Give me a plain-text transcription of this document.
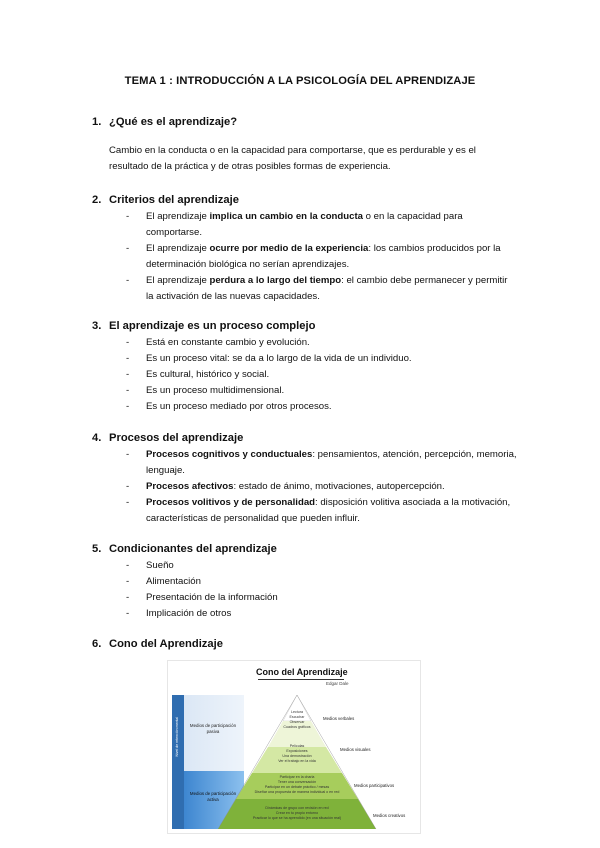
TEMA 1 : INTRODUCCIÓN A LA PSICOLOGÍA DEL APRENDIZAJE
1. ¿Qué es el aprendizaje?
Cambio en la conducta o en la capacidad para comportarse, que es perdurable y es el
resultado de la práctica y de otras posibles formas de experiencia.
2. Criterios del aprendizaje
- El aprendizaje implica un cambio en la conducta o en la capacidad para
comportarse.
- El aprendizaje ocurre por medio de la experiencia: los cambios producidos por la
determinación biológica no serían aprendizajes.
- El aprendizaje perdura a lo largo del tiempo: el cambio debe permanecer y permitir
la activación de las nuevas capacidades.
3. El aprendizaje es un proceso complejo
- Está en constante cambio y evolución.
- Es un proceso vital: se da a lo largo de la vida de un individuo.
- Es cultural, histórico y social.
- Es un proceso multidimensional.
- Es un proceso mediado por otros procesos.
4. Procesos del aprendizaje
- Procesos cognitivos y conductuales: pensamientos, atención, percepción, memoria,
lenguaje.
- Procesos afectivos: estado de ánimo, motivaciones, autopercepción.
- Procesos volitivos y de personalidad: disposición volitiva asociada a la motivación,
características de personalidad que pueden influir.
5. Condicionantes del aprendizaje
- Sueño
- Alimentación
- Presentación de la información
- Implicación de otros
6. Cono del Aprendizaje
Cono del Aprendizaje
Edgar Dale
Medios de participación pasiva
Medios de participación activa
Nivel de retención mental
Lectura
Escuchar
Observar
Cuadros gráficos
Películas
Exposiciones
Una demostración
Ver el trabajo en la vida
Participar en la charla
Tener una conversación
Participar en un debate práctico / mesas
Diseñar una propuesta de manera individual o en red
Dinámicas de grupo con revisión en red
Crear en tu propio entorno
Practicar lo que se ha aprendido (en una situación real)
Medios verbales
Medios visuales
Medios participativos
Medios creativos
